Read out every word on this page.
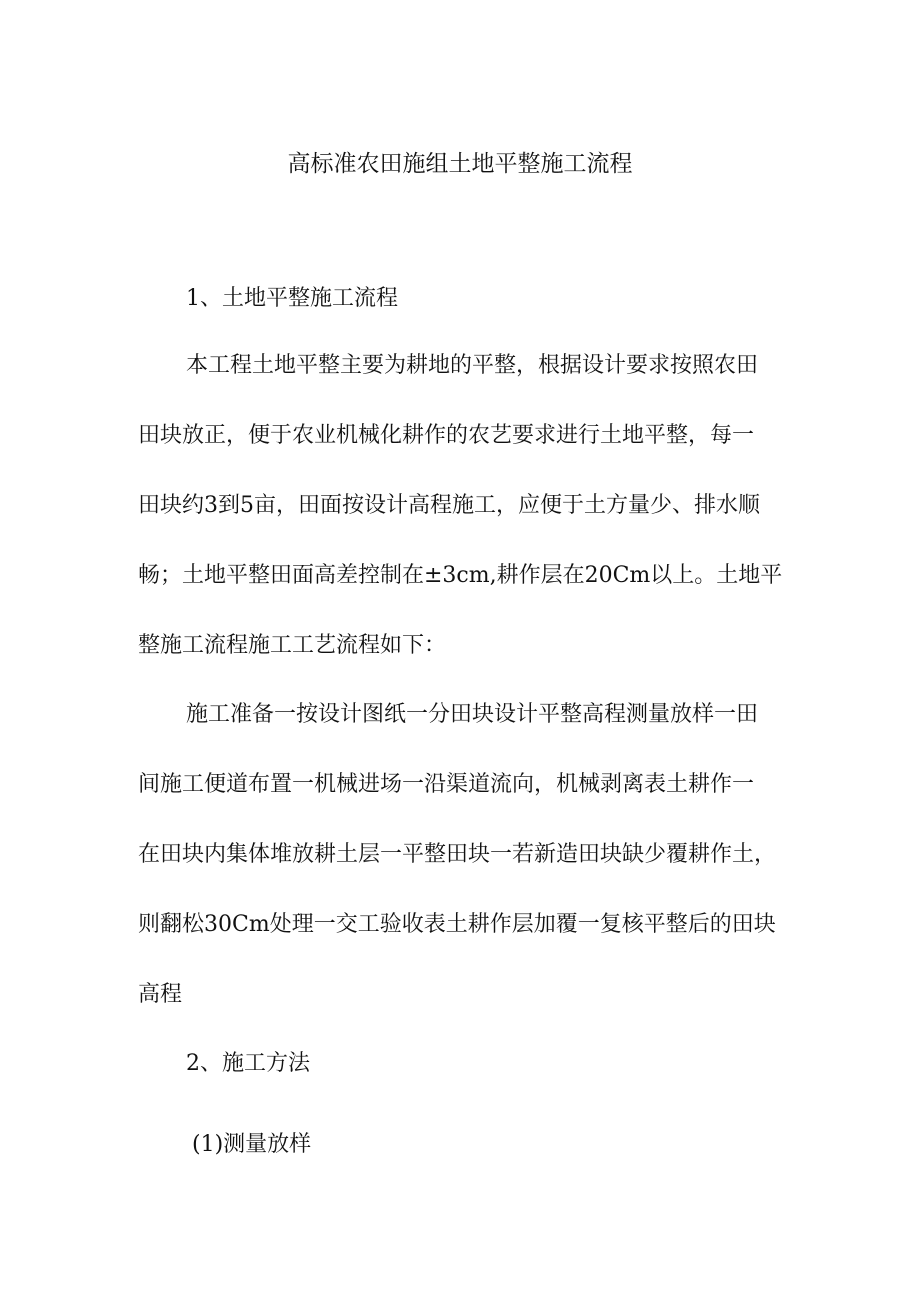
高标准农田施组土地平整施工流程

1、土地平整施工流程

本工程土地平整主要为耕地的平整，根据设计要求按照农田
田块放正，便于农业机械化耕作的农艺要求进行土地平整，每一
田块约3到5亩，田面按设计高程施工，应便于土方量少、排水顺
畅；土地平整田面高差控制在±3cm,耕作层在20Cm以上。土地平
整施工流程施工工艺流程如下：
施工准备一按设计图纸一分田块设计平整高程测量放样一田
间施工便道布置一机械进场一沿渠道流向，机械剥离表土耕作一
在田块内集体堆放耕土层一平整田块一若新造田块缺少覆耕作土，
则翻松30Cm处理一交工验收表土耕作层加覆一复核平整后的田块
高程

2、施工方法

(1)测量放样
